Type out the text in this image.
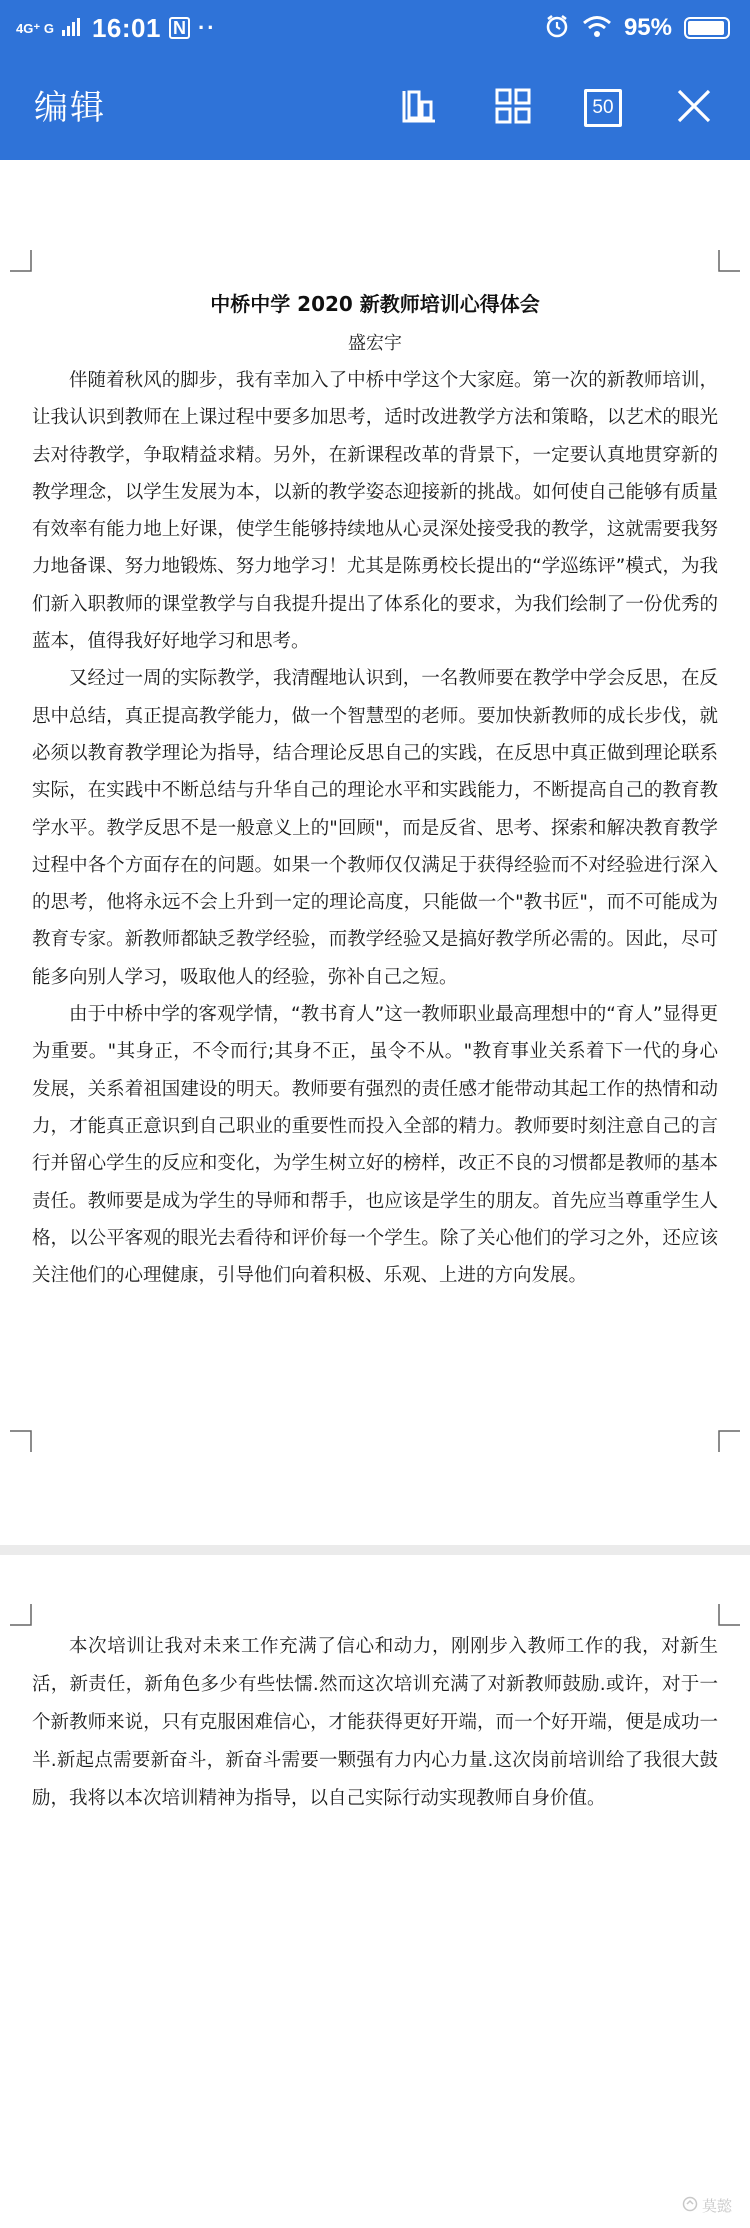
4G⁺ G 16:01 N ··	95%
编辑	50
中桥中学 2020 新教师培训心得体会
盛宏宇

伴随着秋风的脚步，我有幸加入了中桥中学这个大家庭。第一次的新教师培训，让我认识到教师在上课过程中要多加思考，适时改进教学方法和策略，以艺术的眼光去对待教学，争取精益求精。另外，在新课程改革的背景下，一定要认真地贯穿新的教学理念，以学生发展为本，以新的教学姿态迎接新的挑战。如何使自己能够有质量有效率有能力地上好课，使学生能够持续地从心灵深处接受我的教学，这就需要我努力地备课、努力地锻炼、努力地学习！尤其是陈勇校长提出的“学巡练评”模式，为我们新入职教师的课堂教学与自我提升提出了体系化的要求，为我们绘制了一份优秀的蓝本，值得我好好地学习和思考。

又经过一周的实际教学，我清醒地认识到，一名教师要在教学中学会反思，在反思中总结，真正提高教学能力，做一个智慧型的老师。要加快新教师的成长步伐，就必须以教育教学理论为指导，结合理论反思自己的实践，在反思中真正做到理论联系实际，在实践中不断总结与升华自己的理论水平和实践能力，不断提高自己的教育教学水平。教学反思不是一般意义上的"回顾"，而是反省、思考、探索和解决教育教学过程中各个方面存在的问题。如果一个教师仅仅满足于获得经验而不对经验进行深入的思考，他将永远不会上升到一定的理论高度，只能做一个"教书匠"，而不可能成为教育专家。新教师都缺乏教学经验，而教学经验又是搞好教学所必需的。因此，尽可能多向别人学习，吸取他人的经验，弥补自己之短。

由于中桥中学的客观学情，“教书育人”这一教师职业最高理想中的“育人”显得更为重要。"其身正，不令而行;其身不正，虽令不从。"教育事业关系着下一代的身心发展，关系着祖国建设的明天。教师要有强烈的责任感才能带动其起工作的热情和动力，才能真正意识到自己职业的重要性而投入全部的精力。教师要时刻注意自己的言行并留心学生的反应和变化，为学生树立好的榜样，改正不良的习惯都是教师的基本责任。教师要是成为学生的导师和帮手，也应该是学生的朋友。首先应当尊重学生人格，以公平客观的眼光去看待和评价每一个学生。除了关心他们的学习之外，还应该关注他们的心理健康，引导他们向着积极、乐观、上进的方向发展。

本次培训让我对未来工作充满了信心和动力，刚刚步入教师工作的我，对新生活，新责任，新角色多少有些怯懦.然而这次培训充满了对新教师鼓励.或许，对于一个新教师来说，只有克服困难信心，才能获得更好开端，而一个好开端，便是成功一半.新起点需要新奋斗，新奋斗需要一颗强有力内心力量.这次岗前培训给了我很大鼓励，我将以本次培训精神为指导，以自己实际行动实现教师自身价值。

莫懿
